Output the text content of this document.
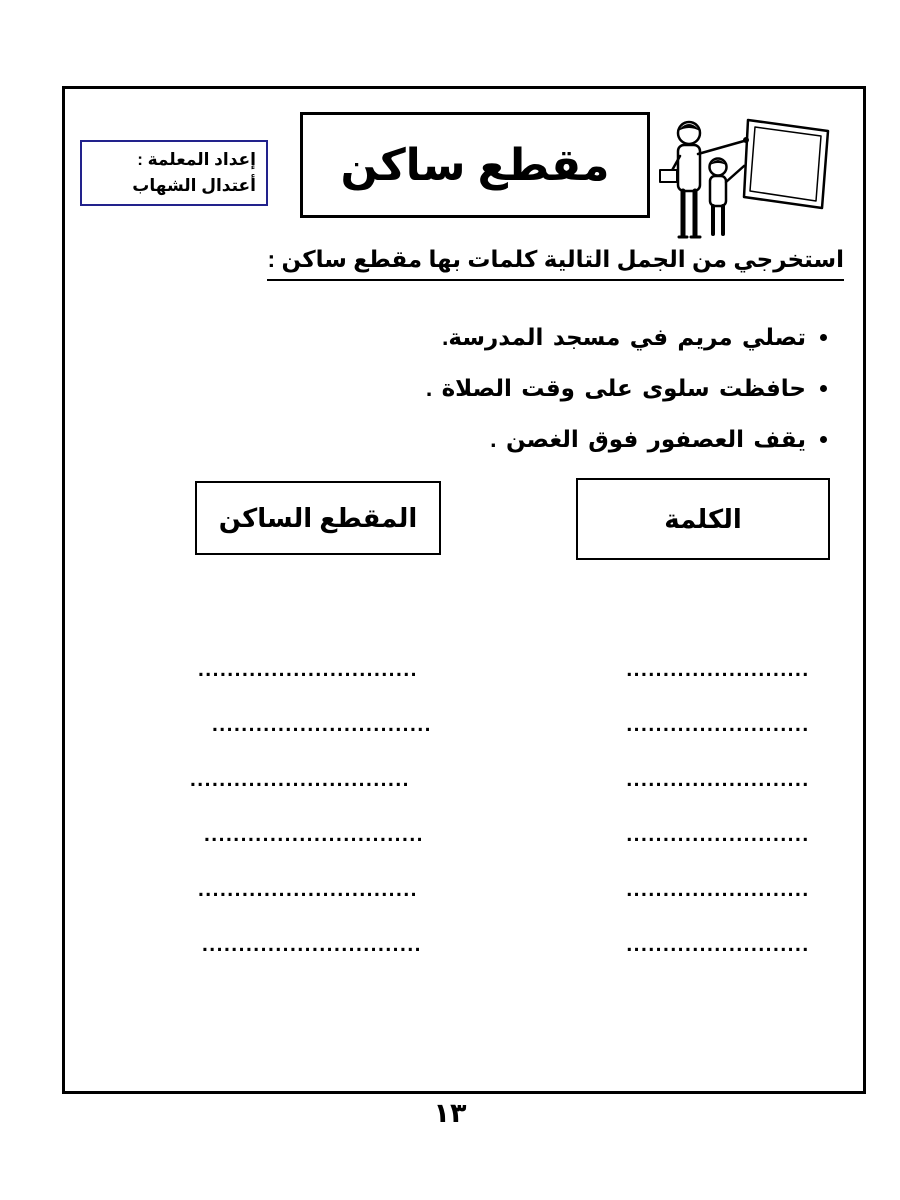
إعداد المعلمة :
أعتدال الشهاب مقطع ساكن
استخرجي من الجمل التالية كلمات بها مقطع ساكن :
• تصلي مريم في مسجد المدرسة.
• حافظت سلوى على وقت الصلاة .
• يقف العصفور فوق الغصن .
المقطع الساكن	الكلمة
..............................
..............................
..............................
..............................
..............................
..............................
.........................
.........................
.........................
.........................
.........................
.........................
١٣
